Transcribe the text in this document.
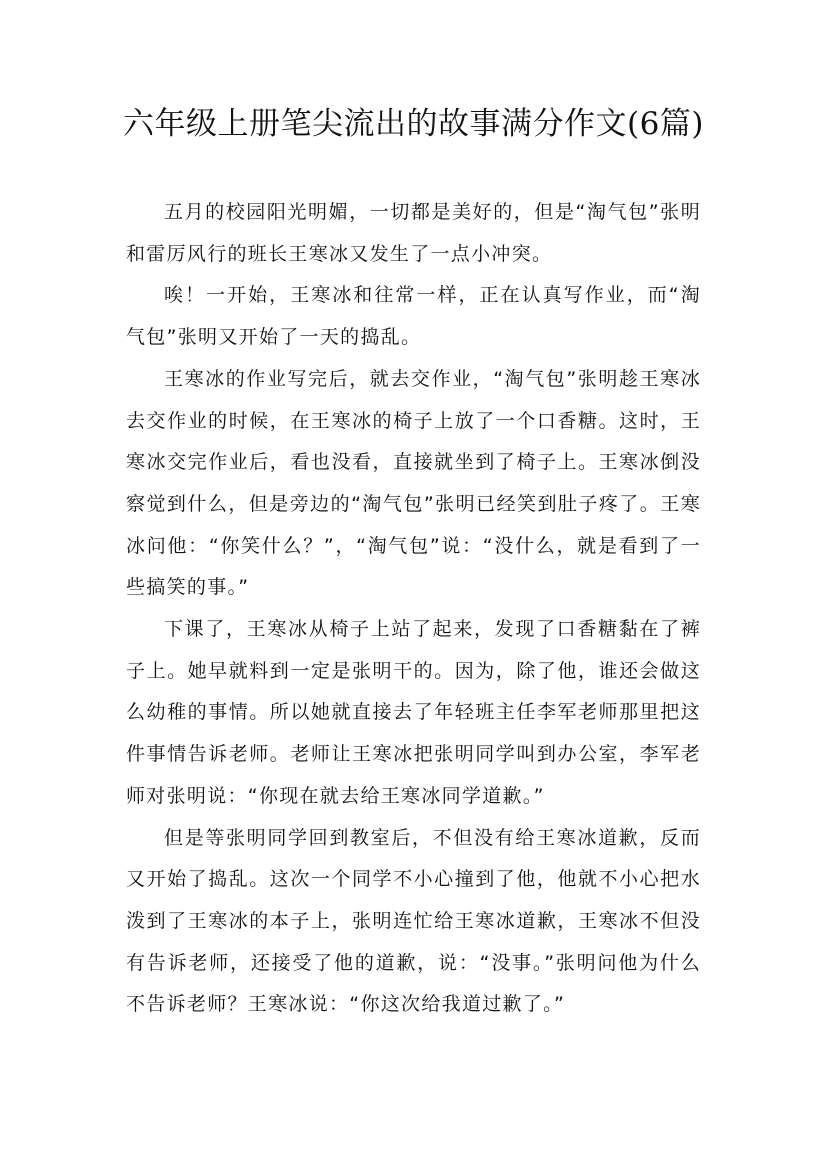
六年级上册笔尖流出的故事满分作文(6篇)

五月的校园阳光明媚，一切都是美好的，但是“淘气包”张明和雷厉风行的班长王寒冰又发生了一点小冲突。

唉！一开始，王寒冰和往常一样，正在认真写作业，而“淘气包”张明又开始了一天的捣乱。

王寒冰的作业写完后，就去交作业，“淘气包”张明趁王寒冰去交作业的时候，在王寒冰的椅子上放了一个口香糖。这时，王寒冰交完作业后，看也没看，直接就坐到了椅子上。王寒冰倒没察觉到什么，但是旁边的“淘气包”张明已经笑到肚子疼了。王寒冰问他：“你笑什么？”，“淘气包”说：“没什么，就是看到了一些搞笑的事。”

下课了，王寒冰从椅子上站了起来，发现了口香糖黏在了裤子上。她早就料到一定是张明干的。因为，除了他，谁还会做这么幼稚的事情。所以她就直接去了年轻班主任李军老师那里把这件事情告诉老师。老师让王寒冰把张明同学叫到办公室，李军老师对张明说：“你现在就去给王寒冰同学道歉。”

但是等张明同学回到教室后，不但没有给王寒冰道歉，反而又开始了捣乱。这次一个同学不小心撞到了他，他就不小心把水泼到了王寒冰的本子上，张明连忙给王寒冰道歉，王寒冰不但没有告诉老师，还接受了他的道歉，说：“没事。”张明问他为什么不告诉老师？王寒冰说：“你这次给我道过歉了。”
